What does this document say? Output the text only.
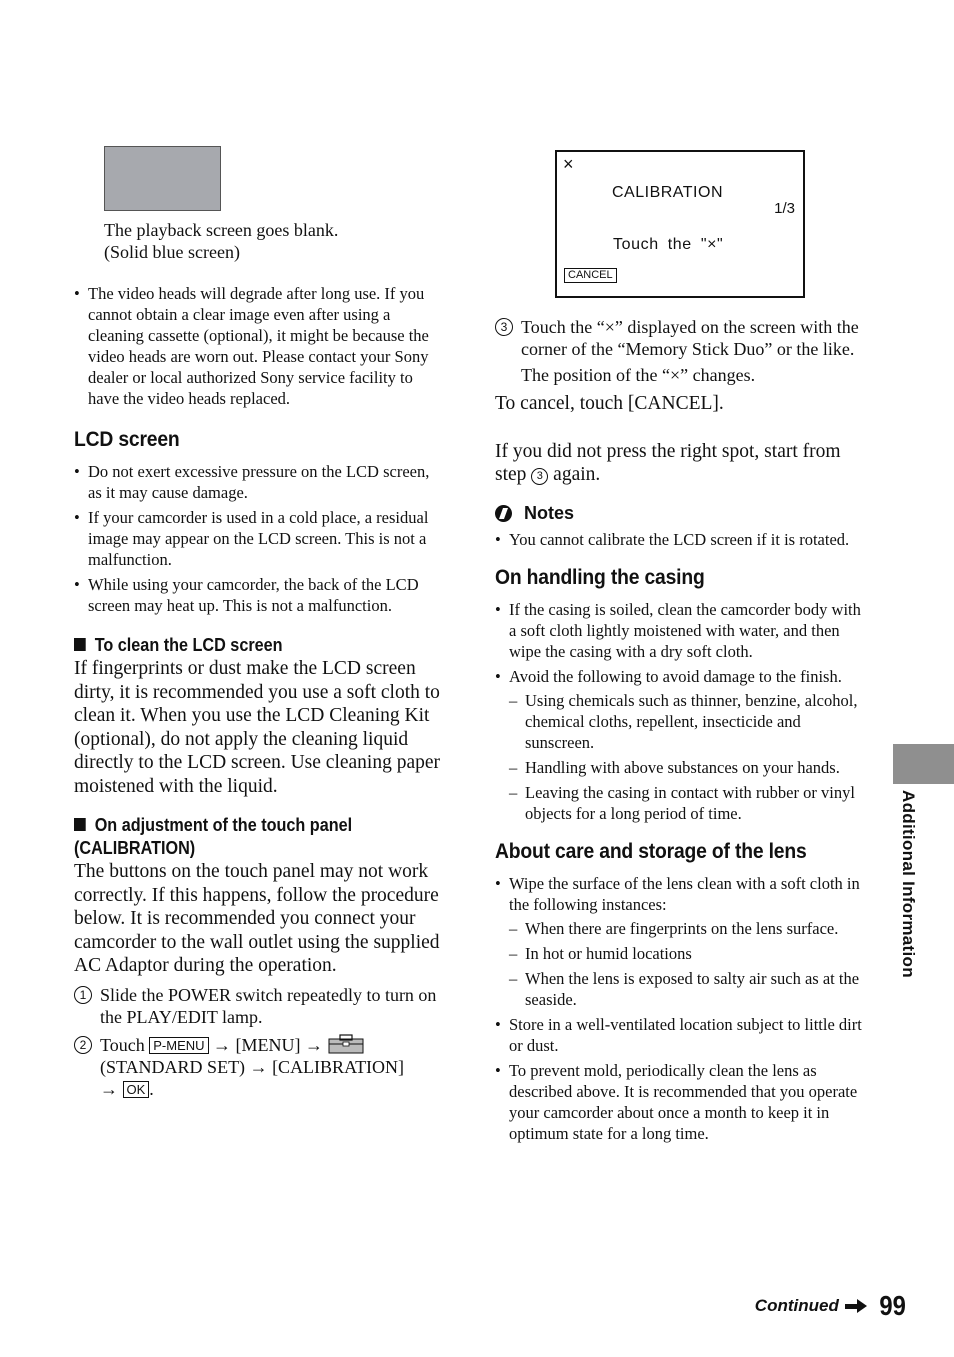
The playback screen goes blank.

(Solid blue screen)

• The video heads will degrade after long use. If you cannot obtain a clear image even after using a cleaning cassette (optional), it might be because the video heads are worn out. Please contact your Sony dealer or local authorized Sony service facility to have the video heads replaced.
LCD screen
• Do not exert excessive pressure on the LCD screen, as it may cause damage.
• If your camcorder is used in a cold place, a residual image may appear on the LCD screen. This is not a malfunction.
• While using your camcorder, the back of the LCD screen may heat up. This is not a malfunction.
To clean the LCD screen

If fingerprints or dust make the LCD screen dirty, it is recommended you use a soft cloth to clean it. When you use the LCD Cleaning Kit (optional), do not apply the cleaning liquid directly to the LCD screen. Use cleaning paper moistened with the liquid.

On adjustment of the touch panel
(CALIBRATION)

The buttons on the touch panel may not work correctly. If this happens, follow the procedure below. It is recommended you connect your camcorder to the wall outlet using the supplied AC Adaptor during the operation.

1 Slide the POWER switch repeatedly to turn on the PLAY/EDIT lamp.
2 Touch P-MENU → [MENU] →
(STANDARD SET) → [CALIBRATION]
→ OK .
×
CALIBRATION
1/3
Touch the "×"
CANCEL
3 Touch the “×” displayed on the screen with the corner of the “Memory Stick Duo” or the like.

The position of the “×” changes.

To cancel, touch [CANCEL].

If you did not press the right spot, start from step 3 again.

Notes
• You cannot calibrate the LCD screen if it is rotated.
On handling the casing
• If the casing is soiled, clean the camcorder body with a soft cloth lightly moistened with water, and then wipe the casing with a dry soft cloth.
• Avoid the following to avoid damage to the finish.
– Using chemicals such as thinner, benzine, alcohol, chemical cloths, repellent, insecticide and sunscreen.
– Handling with above substances on your hands.
– Leaving the casing in contact with rubber or vinyl objects for a long period of time.
About care and storage of the lens
• Wipe the surface of the lens clean with a soft cloth in the following instances:
– When there are fingerprints on the lens surface.
– In hot or humid locations
– When the lens is exposed to salty air such as at the seaside.
• Store in a well-ventilated location subject to little dirt or dust.
• To prevent mold, periodically clean the lens as described above. It is recommended that you operate your camcorder about once a month to keep it in optimum state for a long time.
Additional Information
Continued 99
